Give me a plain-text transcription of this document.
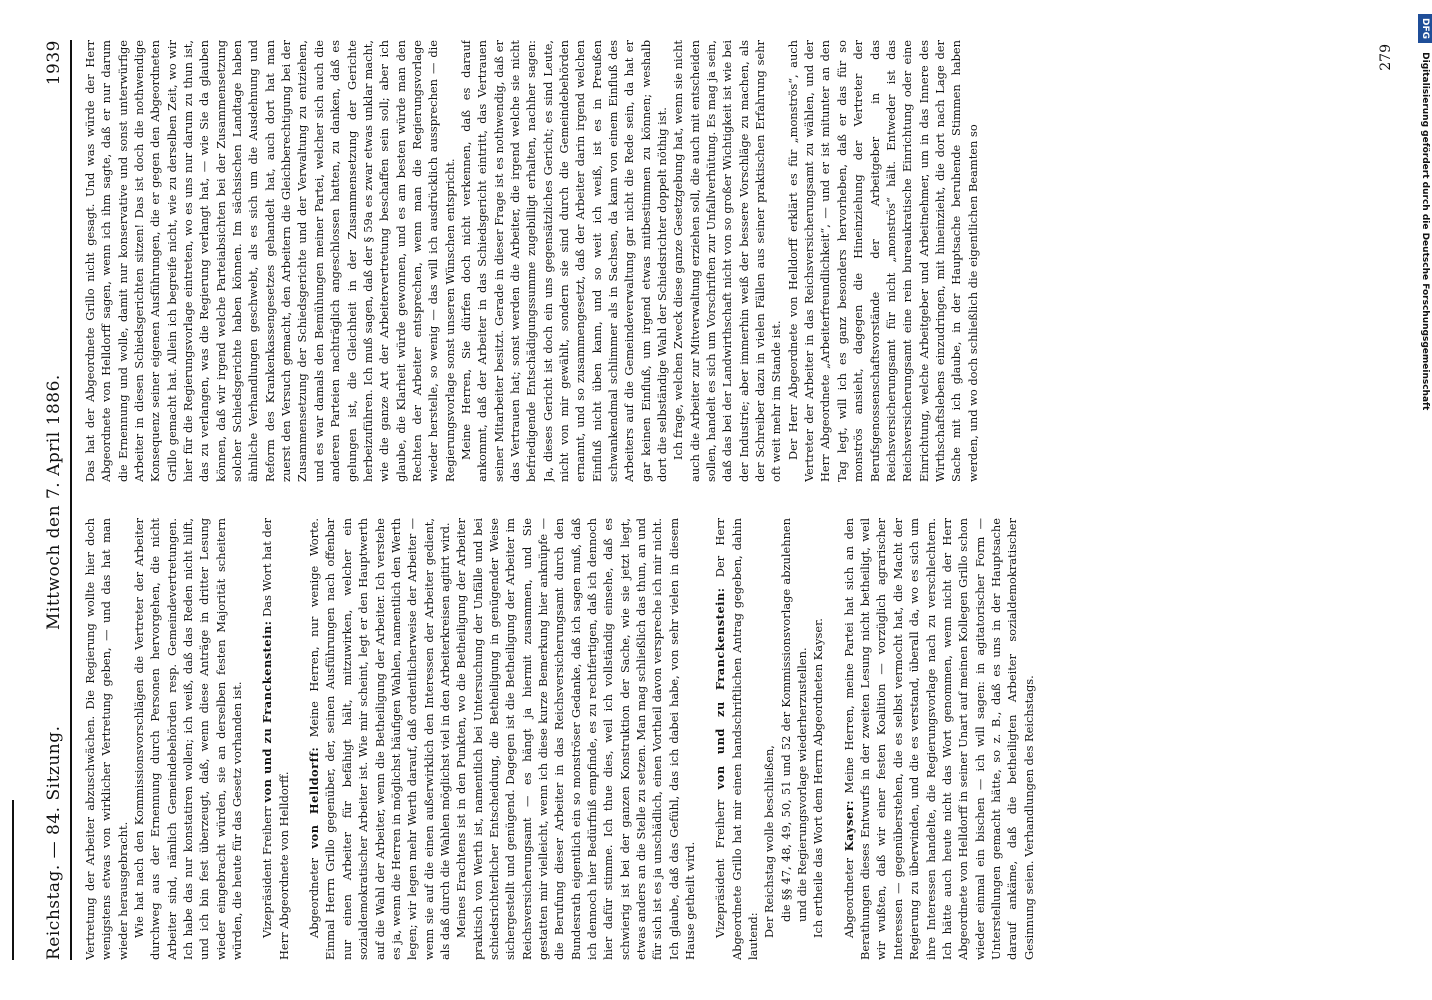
Reichstag. — 84. Sitzung.
Mittwoch den 7. April 1886.
1939

Vertretung der Arbeiter abzuschwächen. Die Regierung wollte hier doch wenigstens etwas von wirklicher Vertretung geben, — und das hat man wieder herausgebracht. Wie hat nach den Kommissionsvorschlägen die Vertreter der Arbeiter durchweg aus der Ernennung durch Personen hervorgehen, die nicht Arbeiter sind, nämlich Gemeindebehörden resp. Gemeindevertretungen. Ich habe das nur konstatiren wollen; ich weiß, daß das Reden nicht hilft, und ich bin fest überzeugt, daß, wenn diese Anträge in dritter Lesung wieder eingebracht würden, sie an derselben festen Majorität scheitern würden, die heute für das Gesetz vorhanden ist. Vizepräsident Freiherr von und zu Franckenstein: Das Wort hat der Herr Abgeordnete von Helldorff. Abgeordneter von Helldorff: Meine Herren, nur wenige Worte. Einmal Herrn Grillo gegenüber, der, seinen Ausführungen nach offenbar nur einen Arbeiter für befähigt hält, mitzuwirken, welcher ein sozialdemokratischer Arbeiter ist. Wie mir scheint, legt er den Hauptwerth auf die Wahl der Arbeiter, wenn die Betheiligung der Arbeiter. Ich verstehe es ja, wenn die Herren in möglichst häufigen Wahlen, namentlich den Werth legen; wir legen mehr Werth darauf, daß ordentlicherweise der Arbeiter — wenn sie auf die einen außerwirklich den Interessen der Arbeiter gedient, als daß durch die Wahlen möglichst viel in den Arbeiterkreisen agitirt wird. Meines Erachtens ist in den Punkten, wo die Betheiligung der Arbeiter praktisch von Werth ist, namentlich bei Untersuchung der Unfälle und bei schiedsrichterlicher Entscheidung, die Betheiligung in genügender Weise sichergestellt und genügend. Dagegen ist die Betheiligung der Arbeiter im Reichsversicherungsamt — es hängt ja hiermit zusammen, und Sie gestatten mir vielleicht, wenn ich diese kurze Bemerkung hier anknüpfe — die Berufung dieser Arbeiter in das Reichsversicherungsamt durch den Bundesrath eigentlich ein so monströser Gedanke, daß ich sagen muß, daß ich dennoch hier Bedürfniß empfinde, es zu rechtfertigen, daß ich dennoch hier dafür stimme. Ich thue dies, weil ich vollständig einsehe, daß es schwierig ist bei der ganzen Konstruktion der Sache, wie sie jetzt liegt, etwas anders an die Stelle zu setzen. Man mag schließlich das thun, an und für sich ist es ja unschädlich, einen Vortheil davon verspreche ich mir nicht. Ich glaube, daß das Gefühl, das ich dabei habe, von sehr vielen in diesem Hause getheilt wird. Vizepräsident Freiherr von und zu Franckenstein: Der Herr Abgeordnete Grillo hat mir einen handschriftlichen Antrag gegeben, dahin lautend: Der Reichstag wolle beschließen, die §§ 47, 48, 49, 50, 51 und 52 der Kommissionsvorlage abzulehnen und die Regierungsvorlage wiederherzustellen. Ich ertheile das Wort dem Herrn Abgeordneten Kayser. Abgeordneter Kayser: Meine Herren, meine Partei hat sich an den Berathungen dieses Entwurfs in der zweiten Lesung nicht betheiligt, weil wir wußten, daß wir einer festen Koalition — vorzüglich agrarischer Interessen — gegenüberstehen, die es selbst vermocht hat, die Macht der Regierung zu überwinden, und die es verstand, überall da, wo es sich um ihre Interessen handelte, die Regierungsvorlage nach zu verschlechtern. Ich hätte auch heute nicht das Wort genommen, wenn nicht der Herr Abgeordnete von Helldorff in seiner Unart auf meinen Kollegen Grillo schon wieder einmal ein bischen — ich will sagen: in agitatorischer Form — Unterstellungen gemacht hätte, so z. B., daß es uns in der Hauptsache darauf ankäme, daß die betheiligten Arbeiter sozialdemokratischer Gesinnung seien. Verhandlungen des Reichstags.

Das hat der Abgeordnete Grillo nicht gesagt. Und was würde der Herr Abgeordnete von Helldorff sagen, wenn ich ihm sagte, daß er nur darum die Ernennung und wolle, damit nur konservative und sonst unterwürfige Arbeiter in diesen Schiedsgerichten sitzen! Das ist doch die nothwendige Konsequenz seiner eigenen Ausführungen, die er gegen den Abgeordneten Grillo gemacht hat. Allein ich begreife nicht, wie zu derselben Zeit, wo wir hier für die Regierungsvorlage eintreten, wo es uns nur darum zu thun ist, das zu verlangen, was die Regierung verlangt hat, — wie Sie da glauben können, daß wir irgend welche Parteiabsichten bei der Zusammensetzung solcher Schiedsgerichte haben können. Im sächsischen Landtage haben ähnliche Verhandlungen geschwebt, als es sich um die Ausdehnung und Reform des Krankenkassengesetzes gehandelt hat, auch dort hat man zuerst den Versuch gemacht, den Arbeitern die Gleichberechtigung bei der Zusammensetzung der Schiedsgerichte und der Verwaltung zu entziehen, und es war damals den Bemühungen meiner Partei, welcher sich auch die anderen Parteien nachträglich angeschlossen hatten, zu danken, daß es gelungen ist, die Gleichheit in der Zusammensetzung der Gerichte herbeizuführen. Ich muß sagen, daß der § 59a es zwar etwas unklar macht, wie die ganze Art der Arbeitervertretung beschaffen sein soll; aber ich glaube, die Klarheit würde gewonnen, und es am besten würde man den Rechten der Arbeiter entsprechen, wenn man die Regierungsvorlage wieder herstelle, so wenig — das will ich ausdrücklich aussprechen — die Regierungsvorlage sonst unseren Wünschen entspricht. Meine Herren, Sie dürfen doch nicht verkennen, daß es darauf ankommt, daß der Arbeiter in das Schiedsgericht eintritt, das Vertrauen seiner Mitarbeiter besitzt. Gerade in dieser Frage ist es nothwendig, daß er das Vertrauen hat; sonst werden die Arbeiter, die irgend welche sie nicht befriedigende Entschädigungssumme zugebilligt erhalten, nachher sagen: Ja, dieses Gericht ist doch ein uns gegensätzliches Gericht; es sind Leute, nicht von mir gewählt, sondern sie sind durch die Gemeindebehörden ernannt, und so zusammengesetzt, daß der Arbeiter darin irgend welchen Einfluß nicht üben kann, und so weit ich weiß, ist es in Preußen schwankendmal schlimmer als in Sachsen, da kann von einem Einfluß des Arbeiters auf die Gemeindeverwaltung gar nicht die Rede sein, da hat er gar keinen Einfluß, um irgend etwas mitbestimmen zu können; weshalb dort die selbständige Wahl der Schiedsrichter doppelt nöthig ist. Ich frage, welchen Zweck diese ganze Gesetzgebung hat, wenn sie nicht auch die Arbeiter zur Mitverwaltung erziehen soll, die auch mit entscheiden sollen, handelt es sich um Vorschriften zur Unfallverhütung. Es mag ja sein, daß das bei der Landwirthschaft nicht von so großer Wichtigkeit ist wie bei der Industrie; aber immerhin weiß der bessere Vorschläge zu machen, als der Schreiber dazu in vielen Fällen aus seiner praktischen Erfahrung sehr oft weit mehr im Stande ist. Der Herr Abgeordnete von Helldorff erklärt es für „monströs“, auch Vertreter der Arbeiter in das Reichsversicherungsamt zu wählen, und der Herr Abgeordnete „Arbeiterfreundlichkeit“, — und er ist mitunter an den Tag legt, will ich es ganz besonders hervorheben, daß er das für so monströs ansieht, dagegen die Hineinziehung der Vertreter der Berufsgenossenschaftsvorstände der Arbeitgeber in das Reichsversicherungsamt für nicht „monströs“ hält. Entweder ist das Reichsversicherungsamt eine rein bureaukratische Einrichtung oder eine Einrichtung, welche Arbeitgeber und Arbeitnehmer, um in das Innere des Wirthschaftslebens einzudringen, mit hineinzieht, die dort nach Lage der Sache mit ich glaube, in der Hauptsache beruhende Stimmen haben werden, und wo doch schließlich die eigentlichen Beamten so

279
DFG Digitalisierung gefördert durch die Deutsche Forschungsgemeinschaft
